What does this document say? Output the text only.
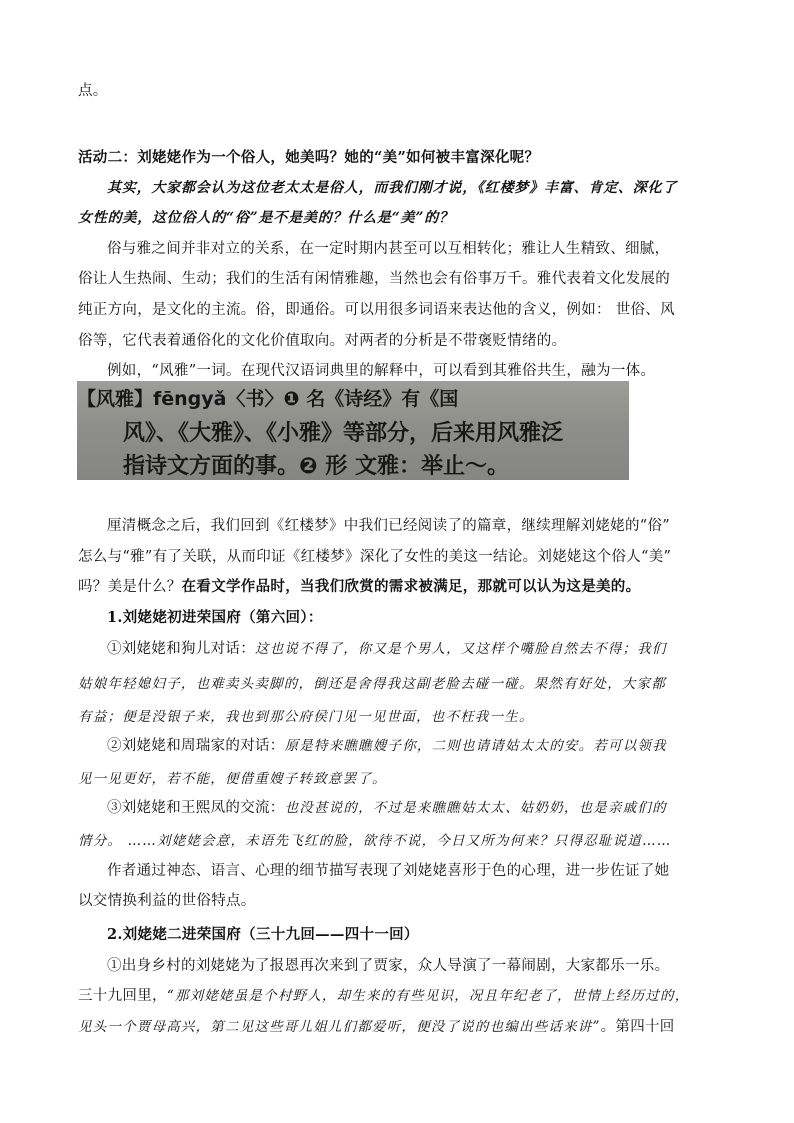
点。
活动二：刘姥姥作为一个俗人，她美吗？她的“美”如何被丰富深化呢？
其实，大家都会认为这位老太太是俗人，而我们刚才说，《红楼梦》丰富、肯定、深化了
女性的美，这位俗人的“俗”是不是美的？什么是“美”的？
俗与雅之间并非对立的关系，在一定时期内甚至可以互相转化；雅让人生精致、细腻，
俗让人生热闹、生动；我们的生活有闲情雅趣，当然也会有俗事万千。雅代表着文化发展的
纯正方向，是文化的主流。俗，即通俗。可以用很多词语来表达他的含义，例如： 世俗、风
俗等，它代表着通俗化的文化价值取向。对两者的分析是不带褒贬情绪的。
例如，“风雅”一词。在现代汉语词典里的解释中，可以看到其雅俗共生，融为一体。
【风雅】fēngyǎ〈书〉❶ 名《诗经》有《国
风》、《大雅》、《小雅》等部分，后来用风雅泛
指诗文方面的事。❷ 形 文雅：举止～。
厘清概念之后，我们回到《红楼梦》中我们已经阅读了的篇章，继续理解刘姥姥的“俗”
怎么与“雅”有了关联，从而印证《红楼梦》深化了女性的美这一结论。刘姥姥这个俗人“美”
吗？美是什么？在看文学作品时，当我们欣赏的需求被满足，那就可以认为这是美的。
1.刘姥姥初进荣国府（第六回）：
①刘姥姥和狗儿对话：这也说不得了，你又是个男人，又这样个嘴脸自然去不得；我们
姑娘年轻媳妇子，也难卖头卖脚的，倒还是舍得我这副老脸去碰一碰。果然有好处，大家都
有益；便是没银子来，我也到那公府侯门见一见世面，也不枉我一生。
②刘姥姥和周瑞家的对话：原是特来瞧瞧嫂子你，二则也请请姑太太的安。若可以领我
见一见更好，若不能，便借重嫂子转致意罢了。
③刘姥姥和王熙凤的交流：也没甚说的，不过是来瞧瞧姑太太、姑奶奶，也是亲戚们的
情分。 ……刘姥姥会意，未语先飞红的脸，欲待不说，今日又所为何来？只得忍耻说道……
作者通过神态、语言、心理的细节描写表现了刘姥姥喜形于色的心理，进一步佐证了她
以交情换利益的世俗特点。
2.刘姥姥二进荣国府（三十九回——四十一回）
①出身乡村的刘姥姥为了报恩再次来到了贾家，众人导演了一幕闹剧，大家都乐一乐。
三十九回里，“那刘姥姥虽是个村野人，却生来的有些见识，况且年纪老了，世情上经历过的，
见头一个贾母高兴，第二见这些哥儿姐儿们都爱听，便没了说的也编出些话来讲”。第四十回
